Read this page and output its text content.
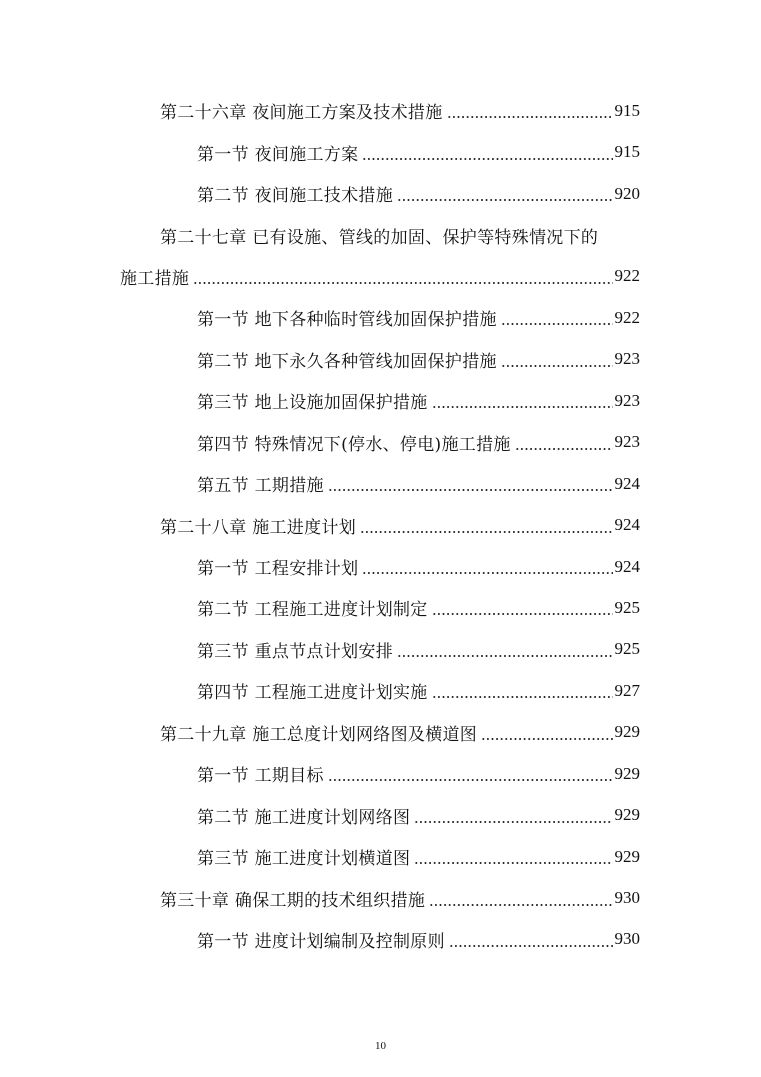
第二十六章 夜间施工方案及技术措施	915
第一节 夜间施工方案	915
第二节 夜间施工技术措施	920
第二十七章 已有设施、管线的加固、保护等特殊情况下的
施工措施	922
第一节 地下各种临时管线加固保护措施	922
第二节 地下永久各种管线加固保护措施	923
第三节 地上设施加固保护措施	923
第四节 特殊情况下(停水、停电)施工措施	923
第五节 工期措施	924
第二十八章 施工进度计划	924
第一节 工程安排计划	924
第二节 工程施工进度计划制定	925
第三节 重点节点计划安排	925
第四节 工程施工进度计划实施	927
第二十九章 施工总度计划网络图及横道图	929
第一节 工期目标	929
第二节 施工进度计划网络图	929
第三节 施工进度计划横道图	929
第三十章 确保工期的技术组织措施	930
第一节 进度计划编制及控制原则	930
10
